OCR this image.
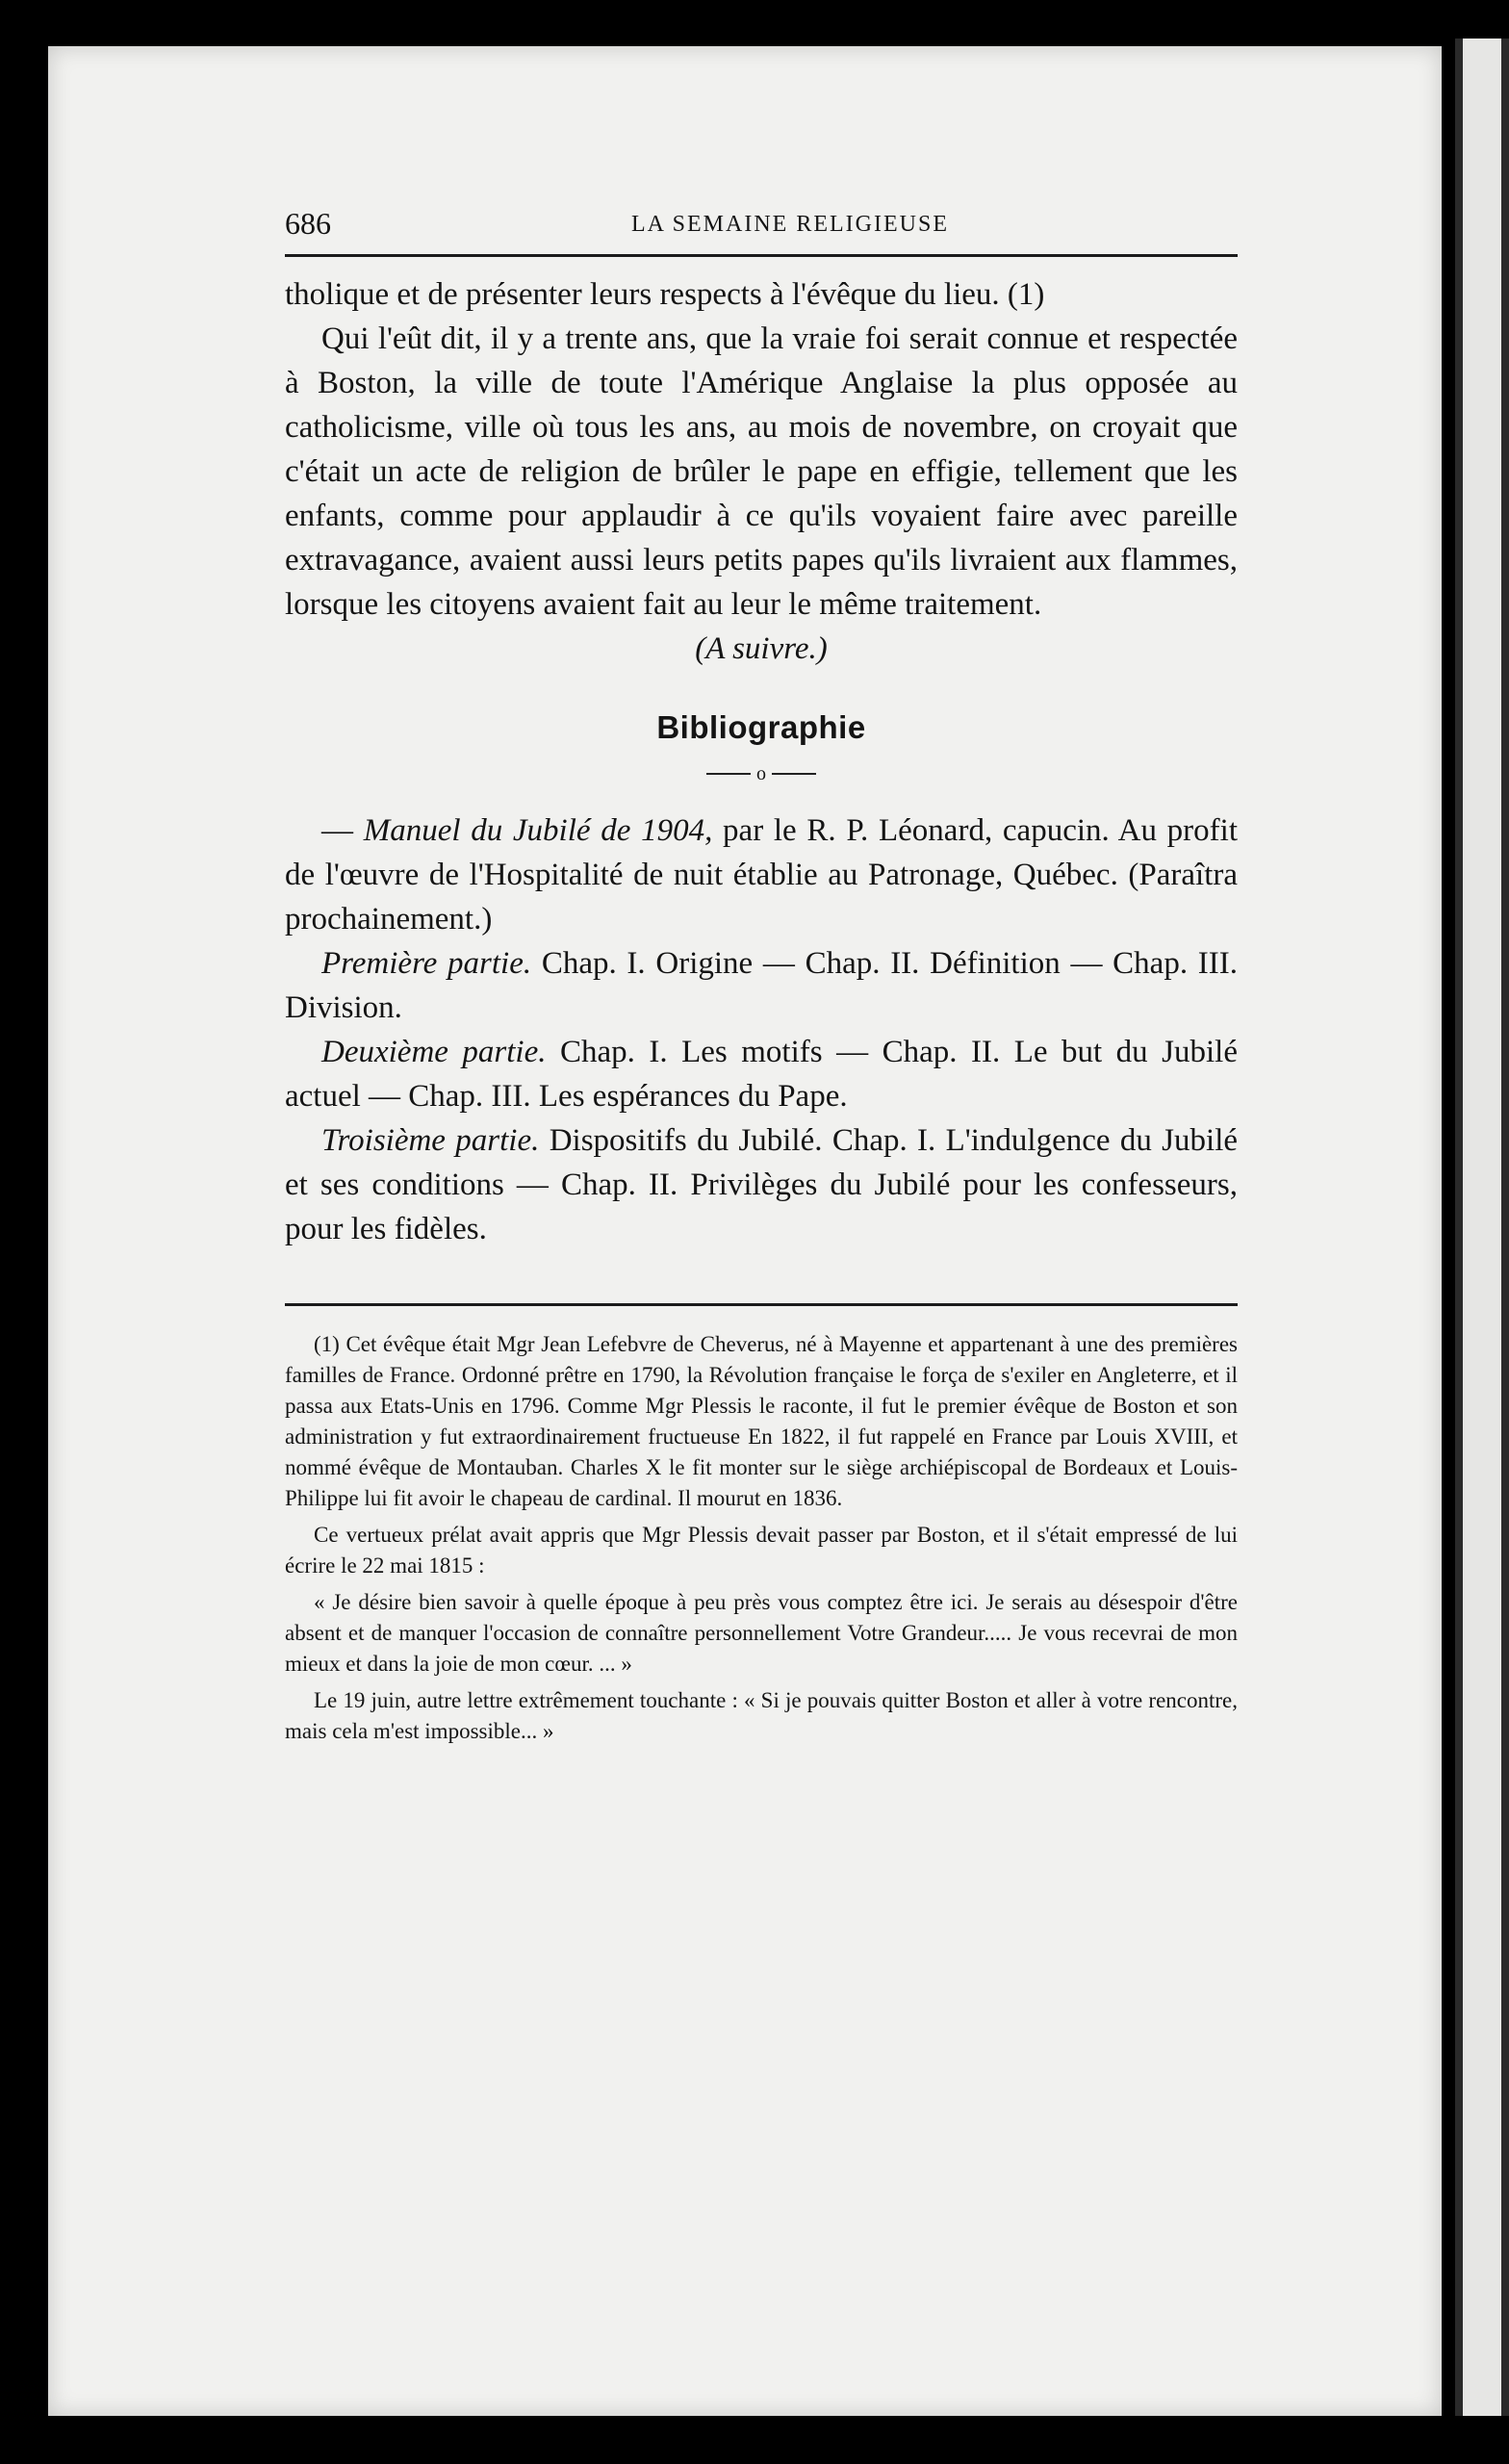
686	LA SEMAINE RELIGIEUSE

tholique et de présenter leurs respects à l'évêque du lieu. (1)

Qui l'eût dit, il y a trente ans, que la vraie foi serait connue et respectée à Boston, la ville de toute l'Amérique Anglaise la plus opposée au catholicisme, ville où tous les ans, au mois de novembre, on croyait que c'était un acte de religion de brûler le pape en effigie, tellement que les enfants, comme pour applaudir à ce qu'ils voyaient faire avec pareille extravagance, avaient aussi leurs petits papes qu'ils livraient aux flammes, lorsque les citoyens avaient fait au leur le même traitement.

(A suivre.)
Bibliographie
o

— Manuel du Jubilé de 1904, par le R. P. Léonard, capucin. Au profit de l'œuvre de l'Hospitalité de nuit établie au Patronage, Québec. (Paraîtra prochainement.)

Première partie. Chap. I. Origine — Chap. II. Définition — Chap. III. Division.

Deuxième partie. Chap. I. Les motifs — Chap. II. Le but du Jubilé actuel — Chap. III. Les espérances du Pape.

Troisième partie. Dispositifs du Jubilé. Chap. I. L'indulgence du Jubilé et ses conditions — Chap. II. Privilèges du Jubilé pour les confesseurs, pour les fidèles.

(1) Cet évêque était Mgr Jean Lefebvre de Cheverus, né à Mayenne et appartenant à une des premières familles de France. Ordonné prêtre en 1790, la Révolution française le força de s'exiler en Angleterre, et il passa aux Etats-Unis en 1796. Comme Mgr Plessis le raconte, il fut le premier évêque de Boston et son administration y fut extraordinairement fructueuse En 1822, il fut rappelé en France par Louis XVIII, et nommé évêque de Montauban. Charles X le fit monter sur le siège archiépiscopal de Bordeaux et Louis-Philippe lui fit avoir le chapeau de cardinal. Il mourut en 1836.

Ce vertueux prélat avait appris que Mgr Plessis devait passer par Boston, et il s'était empressé de lui écrire le 22 mai 1815 :

« Je désire bien savoir à quelle époque à peu près vous comptez être ici. Je serais au désespoir d'être absent et de manquer l'occasion de connaître personnellement Votre Grandeur..... Je vous recevrai de mon mieux et dans la joie de mon cœur. ... »

Le 19 juin, autre lettre extrêmement touchante : « Si je pouvais quitter Boston et aller à votre rencontre, mais cela m'est impossible... »
